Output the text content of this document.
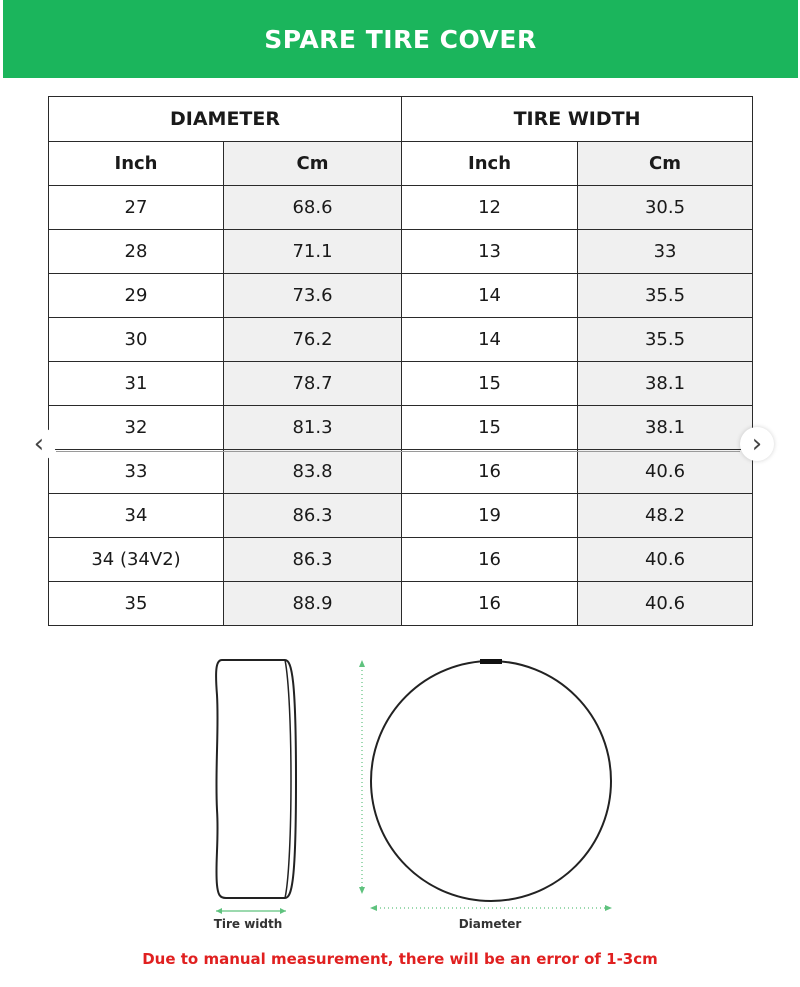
SPARE TIRE COVER
DIAMETER		TIRE WIDTH	
Inch	Cm	Inch	Cm
27	68.6	12	30.5
28	71.1	13	33
29	73.6	14	35.5
30	76.2	14	35.5
31	78.7	15	38.1
32	81.3	15	38.1
33	83.8	16	40.6
34	86.3	19	48.2
34 (34V2)	86.3	16	40.6
35	88.9	16	40.6
‹	›
Tire width	Diameter
Due to manual measurement, there will be an error of 1-3cm
